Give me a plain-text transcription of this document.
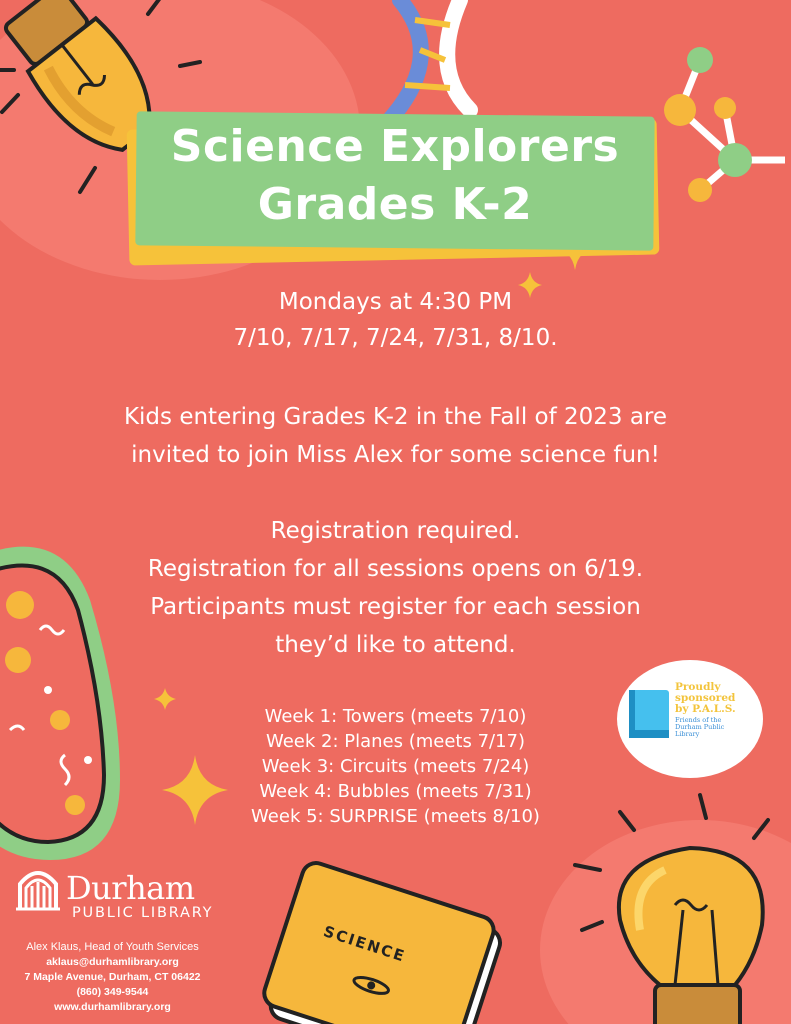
SCIENCE
Science Explorers
Grades K-2
Mondays at 4:30 PM
7/10, 7/17, 7/24, 7/31, 8/10.
Kids entering Grades K-2 in the Fall of 2023 are
invited to join Miss Alex for some science fun!
Registration required.
Registration for all sessions opens on 6/19.
Participants must register for each session
they’d like to attend.
Week 1: Towers (meets 7/10)
Week 2: Planes (meets 7/17)
Week 3: Circuits (meets 7/24)
Week 4: Bubbles (meets 7/31)
Week 5: SURPRISE (meets 8/10)
Proudly
sponsored
by P.A.L.S.
Friends of the
Durham Public
Library
Durham
PUBLIC LIBRARY
Alex Klaus, Head of Youth Services
aklaus@durhamlibrary.org
7 Maple Avenue, Durham, CT 06422
(860) 349-9544
www.durhamlibrary.org
